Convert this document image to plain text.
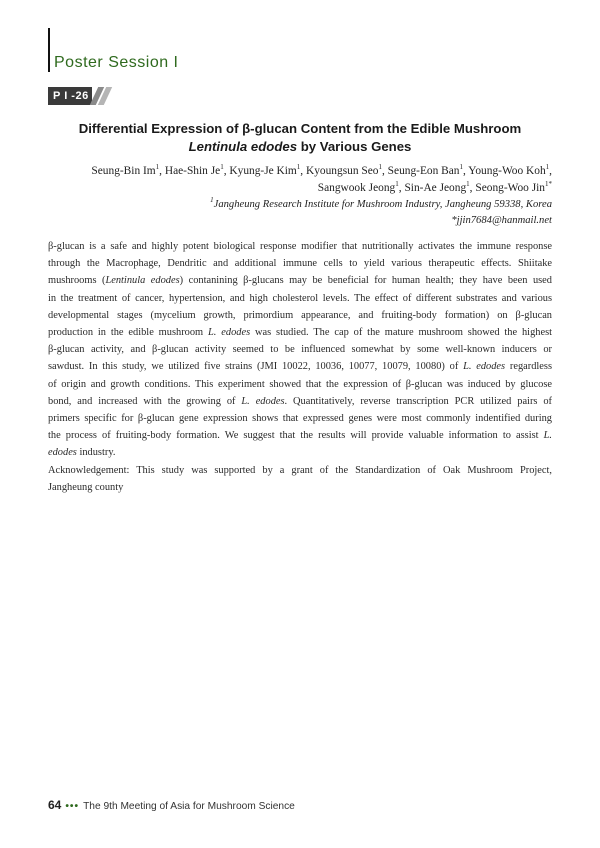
Poster Session I
P I -26
Differential Expression of β-glucan Content from the Edible Mushroom
Lentinula edodes by Various Genes
Seung-Bin Im$^1$, Hae-Shin Je$^1$, Kyung-Je Kim$^1$, Kyoungsun Seo$^1$, Seung-Eon Ban$^1$, Young-Woo Koh$^1$,
Sangwook Jeong$^1$, Sin-Ae Jeong$^1$, Seong-Woo Jin$^{1*}$
$^1$Jangheung Research Institute for Mushroom Industry, Jangheung 59338, Korea
*jjin7684@hanmail.net
β-glucan is a safe and highly potent biological response modifier that nutritionally activates the immune response
through the Macrophage, Dendritic and additional immune cells to yield various therapeutic effects. Shiitake
mushrooms (Lentinula edodes) contanining β-glucans may be beneficial for human health; they have been used
in the treatment of cancer, hypertension, and high cholesterol levels. The effect of different substrates and various
developmental stages (mycelium growth, primordium appearance, and fruiting-body formation) on β-glucan
production in the edible mushroom L. edodes was studied. The cap of the mature mushroom showed the highest
β-glucan activity, and β-glucan activity seemed to be influenced somewhat by some well-known inducers or
sawdust. In this study, we utilized five strains (JMI 10022, 10036, 10077, 10079, 10080) of L. edodes regardless
of origin and growth conditions. This experiment showed that the expression of β-glucan was induced by glucose
bond, and increased with the growing of L. edodes. Quantitatively, reverse transcription PCR utilized pairs of
primers specific for β-glucan gene expression shows that expressed genes were most commonly indentified during
the process of fruiting-body formation. We suggest that the results will provide valuable information to assist L.
edodes industry.
Acknowledgement: This study was supported by a grant of the Standardization of Oak Mushroom Project,
Jangheung county
64 ••• The 9th Meeting of Asia for Mushroom Science
